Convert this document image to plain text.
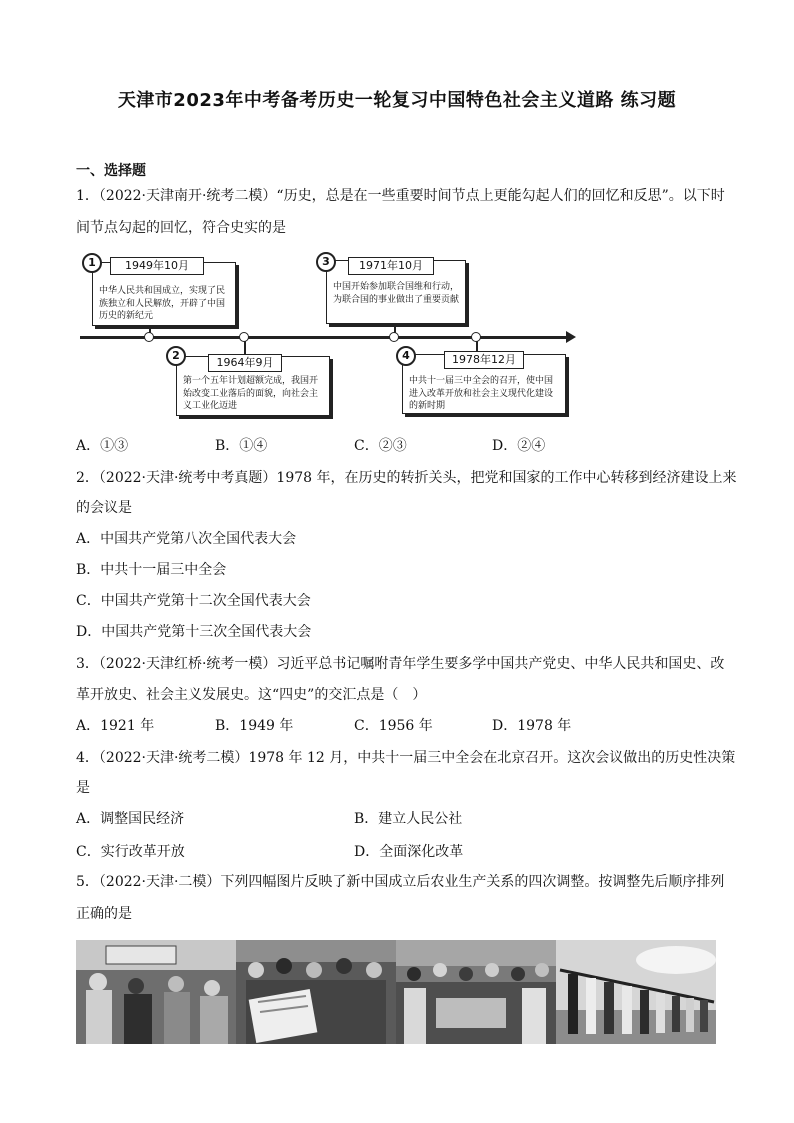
天津市2023年中考备考历史一轮复习中国特色社会主义道路 练习题
一、选择题
1．（2022·天津南开·统考二模）“历史，总是在一些重要时间节点上更能勾起人们的回忆和反思”。以下时
间节点勾起的回忆，符合史实的是
中华人民共和国成立，实现了民族独立和人民解放，开辟了中国历史的新纪元
1949年10月
1
第一个五年计划超额完成，我国开始改变工业落后的面貌，向社会主义工业化迈进
1964年9月
2
中国开始参加联合国维和行动，为联合国的事业做出了重要贡献
1971年10月
3
中共十一届三中全会的召开，使中国进入改革开放和社会主义现代化建设的新时期
1978年12月
4
A．①③	B．①④	C．②③	D．②④
2．（2022·天津·统考中考真题）1978 年，在历史的转折关头，把党和国家的工作中心转移到经济建设上来
的会议是
A．中国共产党第八次全国代表大会
B．中共十一届三中全会
C．中国共产党第十二次全国代表大会
D．中国共产党第十三次全国代表大会
3．（2022·天津红桥·统考一模）习近平总书记嘱咐青年学生要多学中国共产党史、中华人民共和国史、改
革开放史、社会主义发展史。这“四史”的交汇点是（　）
A．1921 年	B．1949 年	C．1956 年	D．1978 年
4．（2022·天津·统考二模）1978 年 12 月，中共十一届三中全会在北京召开。这次会议做出的历史性决策
是
A．调整国民经济	B．建立人民公社
C．实行改革开放	D．全面深化改革
5．（2022·天津·二模）下列四幅图片反映了新中国成立后农业生产关系的四次调整。按调整先后顺序排列
正确的是
